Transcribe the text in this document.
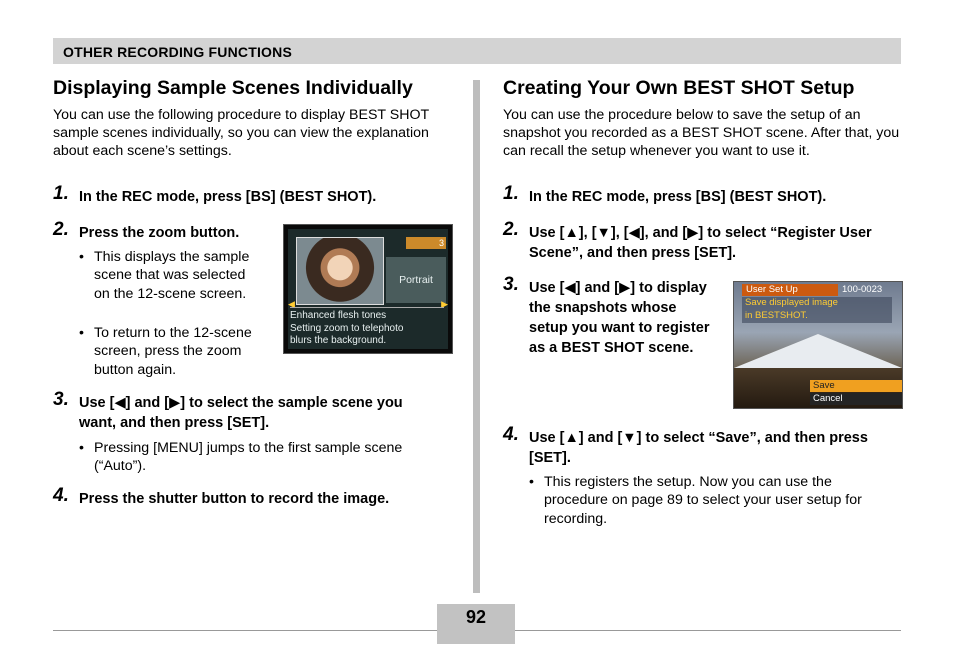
OTHER RECORDING FUNCTIONS
Displaying Sample Scenes Individually

You can use the following procedure to display BEST SHOT sample scenes individually, so you can view the explanation about each scene’s settings.

1. In the REC mode, press [BS] (BEST SHOT).
2. Press the zoom button.
• This displays the sample scene that was selected on the 12-scene screen.
• To return to the 12-scene screen, press the zoom button again.
3. Use [◀] and [▶] to select the sample scene you want, and then press [SET].
• Pressing [MENU] jumps to the first sample scene (“Auto”).
4. Press the shutter button to record the image.
3
Portrait
◀	▶
Enhanced flesh tones
Setting zoom to telephoto
blurs the background.
Creating Your Own BEST SHOT Setup

You can use the procedure below to save the setup of an snapshot you recorded as a BEST SHOT scene. After that, you can recall the setup whenever you want to use it.

1. In the REC mode, press [BS] (BEST SHOT).
2. Use [▲], [▼], [◀], and [▶] to select “Register User Scene”, and then press [SET].
3. Use [◀] and [▶] to display the snapshots whose setup you want to register as a BEST SHOT scene.
4. Use [▲] and [▼] to select “Save”, and then press [SET].
• This registers the setup. Now you can use the procedure on page 89 to select your user setup for recording.
User Set Up	100-0023
Save displayed image
in BESTSHOT.
Save
Cancel
92
